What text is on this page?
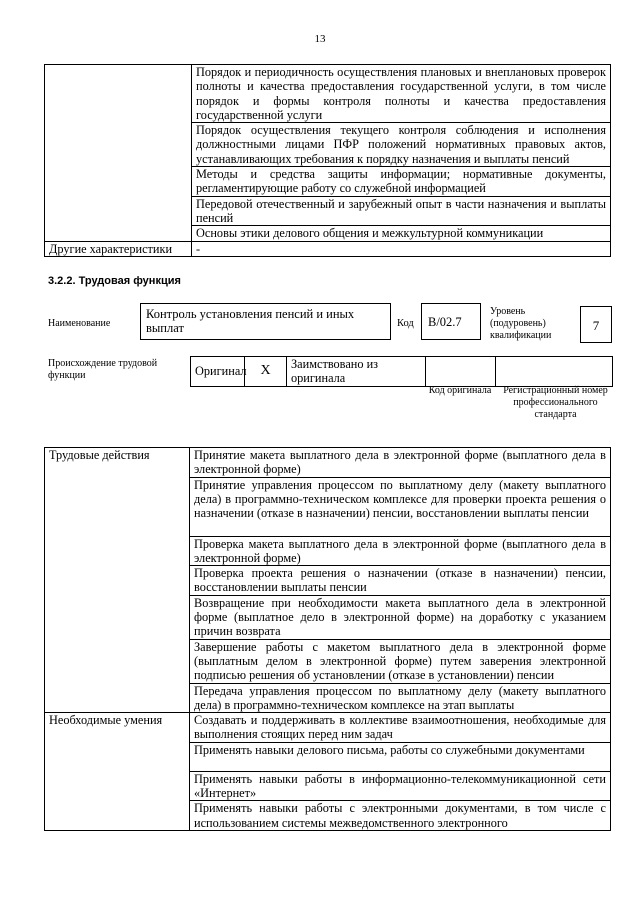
13
	Порядок и периодичность осуществления плановых и внеплановых проверок полноты и качества предоставления государственной услуги, в том числе порядок и формы контроля полноты и качества предоставления государственной услуги
	Порядок осуществления текущего контроля соблюдения и исполнения должностными лицами ПФР положений нормативных правовых актов, устанавливающих требования к порядку назначения и выплаты пенсий
	Методы и средства защиты информации; нормативные документы, регламентирующие работу со служебной информацией
	Передовой отечественный и зарубежный опыт в части назначения и выплаты пенсий
	Основы этики делового общения и межкультурной коммуникации
Другие характеристики	-
3.2.2. Трудовая функция
Наименование
Контроль установления пенсий и иных выплат	Код	B/02.7
Уровень (подуровень) квалификации
7
Происхождение трудовой функции	Оригинал	X	Заимствовано из оригинала		
Код оригинала	Регистрационный номер профессионального стандарта
Трудовые действия	Принятие макета выплатного дела в электронной форме (выплатного дела в электронной форме)
	Принятие управления процессом по выплатному делу (макету выплатного дела) в программно-техническом комплексе для проверки проекта решения о назначении (отказе в назначении) пенсии, восстановлении выплаты пенсии
	Проверка макета выплатного дела в электронной форме (выплатного дела в электронной форме)
	Проверка проекта решения о назначении (отказе в назначении) пенсии, восстановлении выплаты пенсии
	Возвращение при необходимости макета выплатного дела в электронной форме (выплатное дело в электронной форме) на доработку с указанием причин возврата
	Завершение работы с макетом выплатного дела в электронной форме (выплатным делом в электронной форме) путем заверения электронной подписью решения об установлении (отказе в установлении) пенсии
	Передача управления процессом по выплатному делу (макету выплатного дела) в программно-техническом комплексе на этап выплаты
Необходимые умения	Создавать и поддерживать в коллективе взаимоотношения, необходимые для выполнения стоящих перед ним задач
	Применять навыки делового письма, работы со служебными документами
	Применять навыки работы в информационно-телекоммуникационной сети «Интернет»
	Применять навыки работы с электронными документами, в том числе с использованием системы межведомственного электронного
